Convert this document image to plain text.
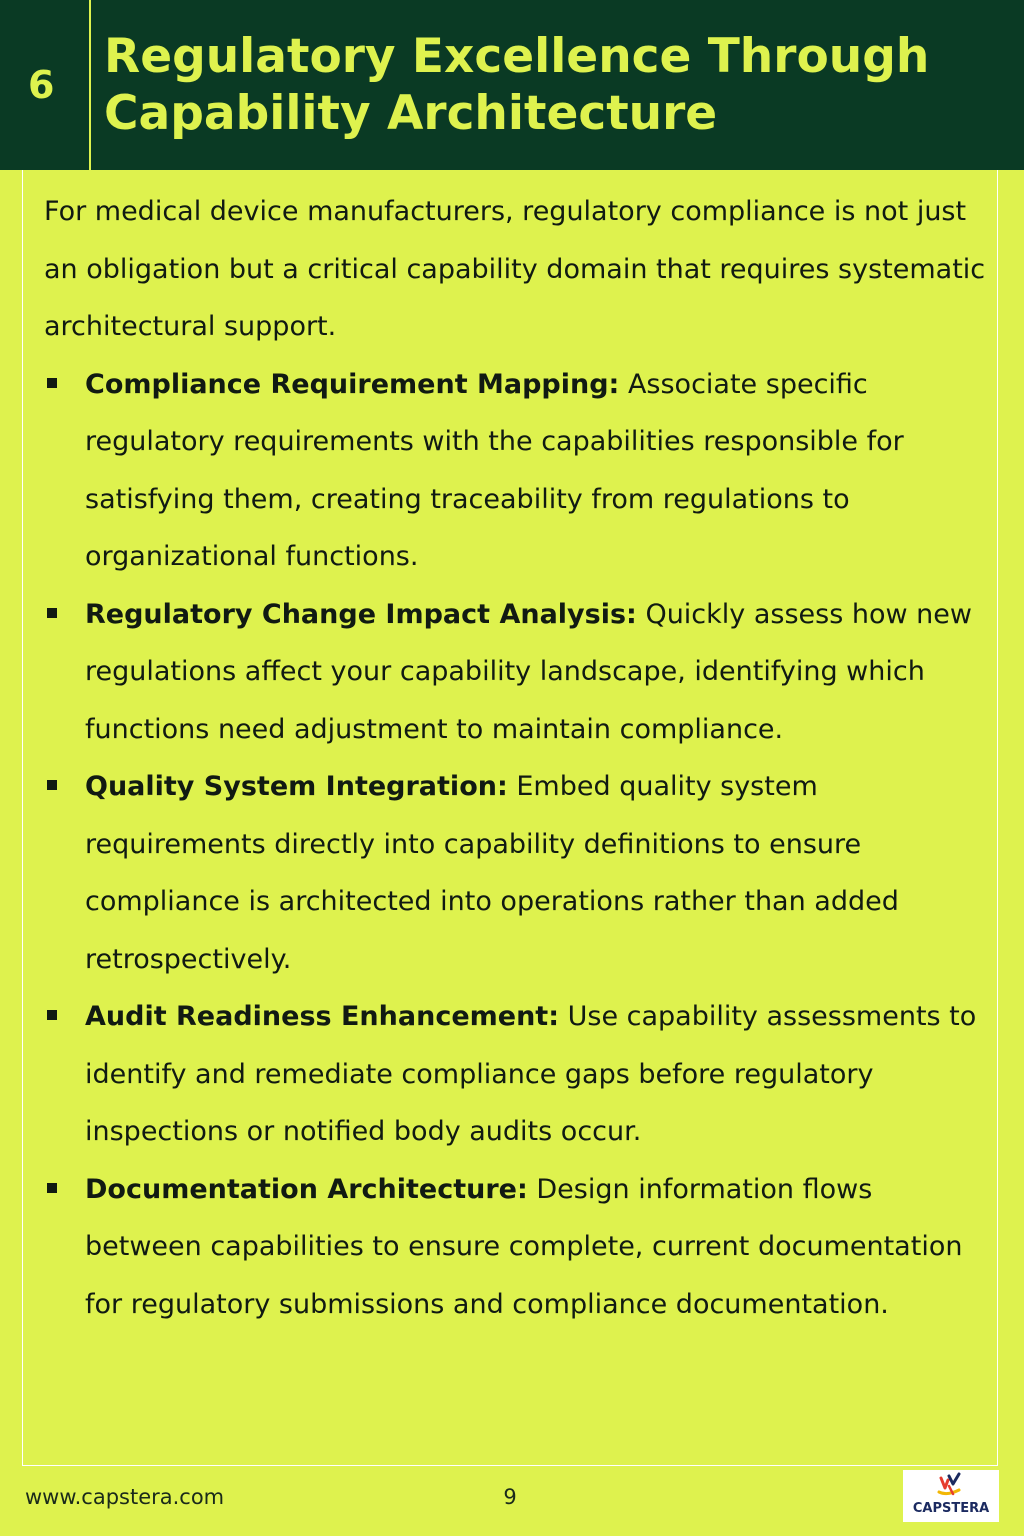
6
Regulatory Excellence Through
Capability Architecture

For medical device manufacturers, regulatory compliance is not just an obligation but a critical capability domain that requires systematic architectural support.

Compliance Requirement Mapping: Associate specific regulatory requirements with the capabilities responsible for satisfying them, creating traceability from regulations to organizational functions.
Regulatory Change Impact Analysis: Quickly assess how new regulations affect your capability landscape, identifying which functions need adjustment to maintain compliance.
Quality System Integration: Embed quality system requirements directly into capability definitions to ensure compliance is architected into operations rather than added retrospectively.
Audit Readiness Enhancement: Use capability assessments to identify and remediate compliance gaps before regulatory inspections or notified body audits occur.
Documentation Architecture: Design information flows between capabilities to ensure complete, current documentation for regulatory submissions and compliance documentation.
www.capstera.com	9	CAPSTERA
